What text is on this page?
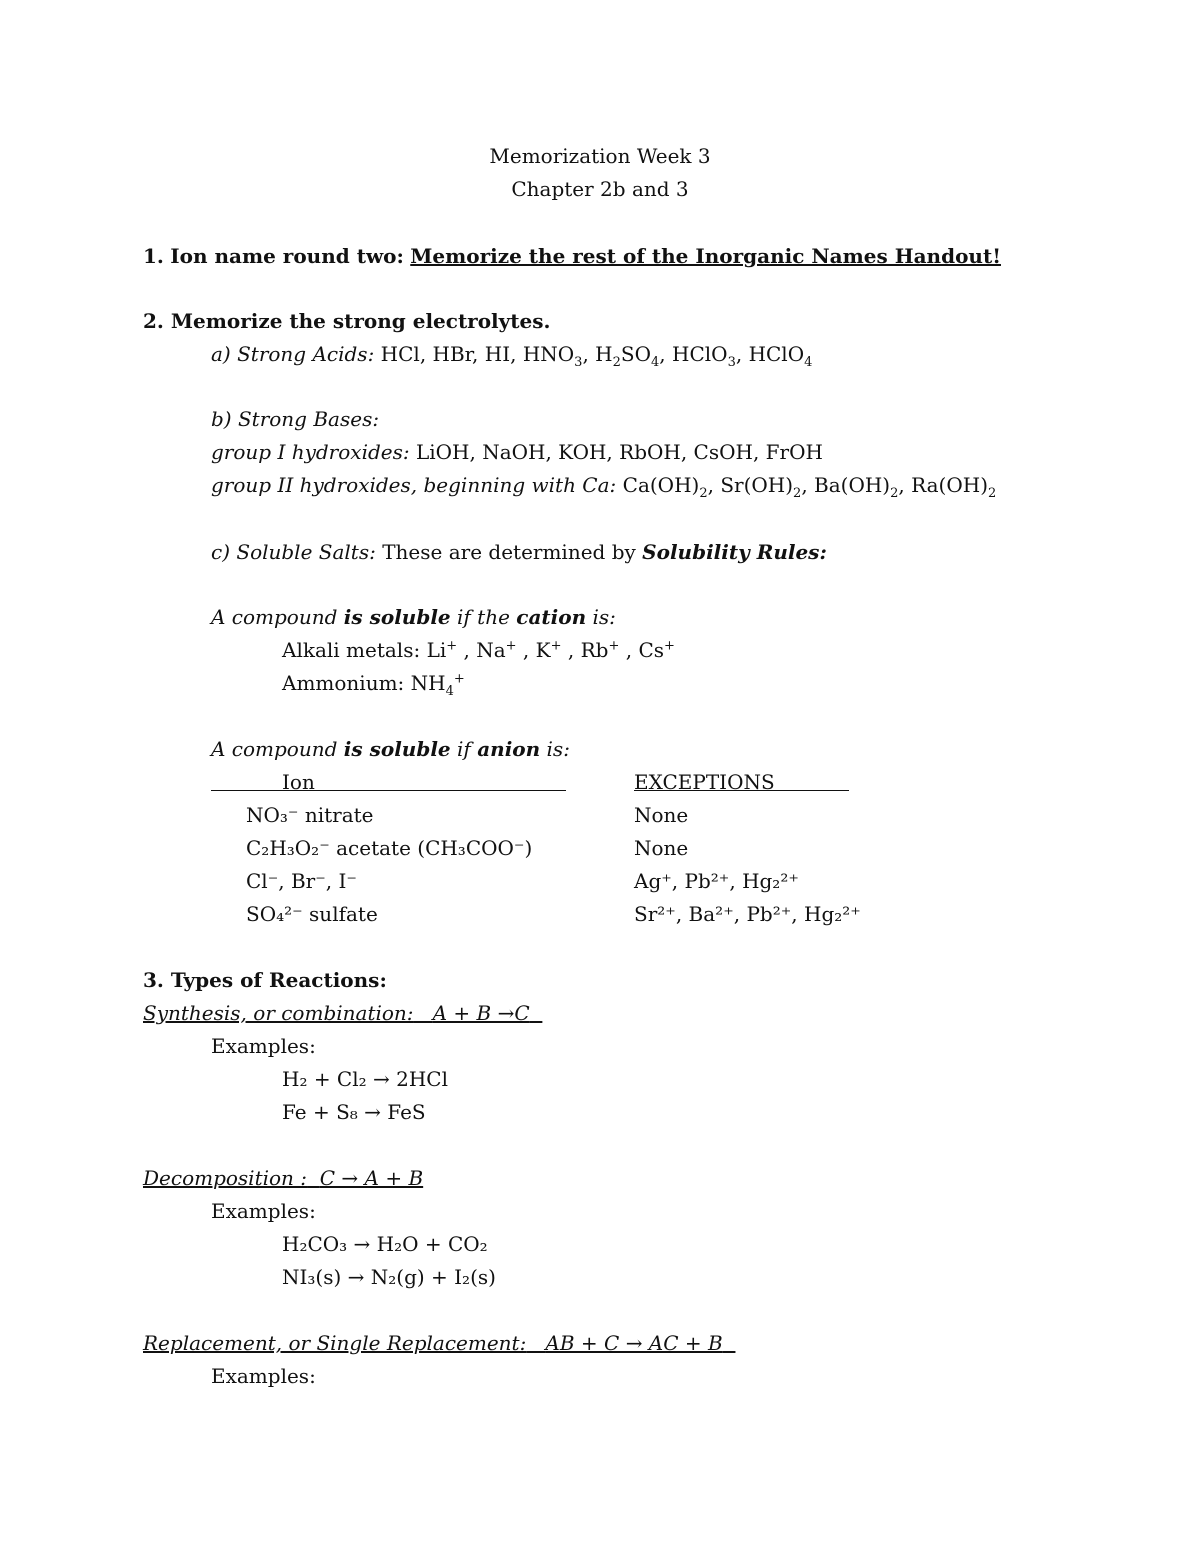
Memorization Week 3
Chapter 2b and 3
1. Ion name round two: Memorize the rest of the Inorganic Names Handout!
2. Memorize the strong electrolytes.
a) Strong Acids: HCl, HBr, HI, $HNO_3$, $H_2SO_4$, HClO$_3$, HClO$_4$
b) Strong Bases:
group I hydroxides: LiOH, NaOH, KOH, RbOH, CsOH, FrOH
group II hydroxides, beginning with Ca: $Ca(OH)_2$, $Sr(OH)_2$, $Ba(OH)_2$, $Ra(OH)_2$
c) Soluble Salts: These are determined by Solubility Rules:
A compound is soluble if the cation is:
Alkali metals: Li+ , Na+ , K+ , Rb+ , Cs+
Ammonium: $NH_4^+$
A compound is soluble if anion is:
Ion	EXCEPTIONS
NO₃⁻ nitrate	None
C₂H₃O₂⁻ acetate (CH₃COO⁻)	None
Cl⁻, Br⁻, I⁻	Ag⁺, Pb²⁺, Hg₂²⁺
SO₄²⁻ sulfate	Sr²⁺, Ba²⁺, Pb²⁺, Hg₂²⁺
3. Types of Reactions:
Synthesis, or combination: A + B →C
Examples:
H₂ + Cl₂ → 2HCl
Fe + S₈ → FeS
Decomposition : C → A + B
Examples:
H₂CO₃ → H₂O + CO₂
NI₃(s) → N₂(g) + I₂(s)
Replacement, or Single Replacement: AB + C → AC + B
Examples:
